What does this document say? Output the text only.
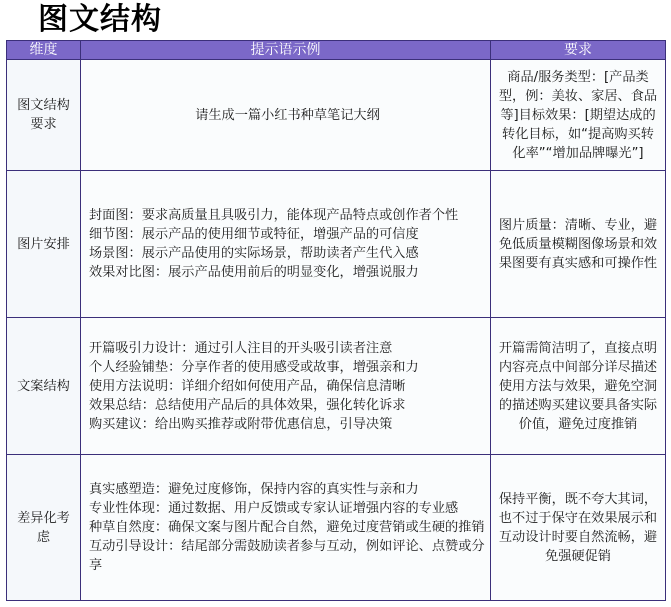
图文结构
维度	提示语示例	要求
图文结构要求	请生成一篇小红书种草笔记大纲	商品/服务类型：[产品类型，例：美妆、家居、食品等]目标效果：[期望达成的转化目标，如“提高购买转化率”“增加品牌曝光”]
图片安排	封面图：要求高质量且具吸引力，能体现产品特点或创作者个性
细节图：展示产品的使用细节或特征，增强产品的可信度
场景图：展示产品使用的实际场景，帮助读者产生代入感
效果对比图：展示产品使用前后的明显变化，增强说服力	图片质量：清晰、专业，避免低质量模糊图像场景和效果图要有真实感和可操作性
文案结构	开篇吸引力设计：通过引人注目的开头吸引读者注意
个人经验铺垫：分享作者的使用感受或故事，增强亲和力
使用方法说明：详细介绍如何使用产品，确保信息清晰
效果总结：总结使用产品后的具体效果，强化转化诉求
购买建议：给出购买推荐或附带优惠信息，引导决策	开篇需简洁明了，直接点明内容亮点中间部分详尽描述使用方法与效果，避免空洞的描述购买建议要具备实际价值，避免过度推销
差异化考虑	真实感塑造：避免过度修饰，保持内容的真实性与亲和力
专业性体现：通过数据、用户反馈或专家认证增强内容的专业感
种草自然度：确保文案与图片配合自然，避免过度营销或生硬的推销
互动引导设计：结尾部分需鼓励读者参与互动，例如评论、点赞或分享	保持平衡，既不夸大其词，也不过于保守在效果展示和互动设计时要自然流畅，避免强硬促销
